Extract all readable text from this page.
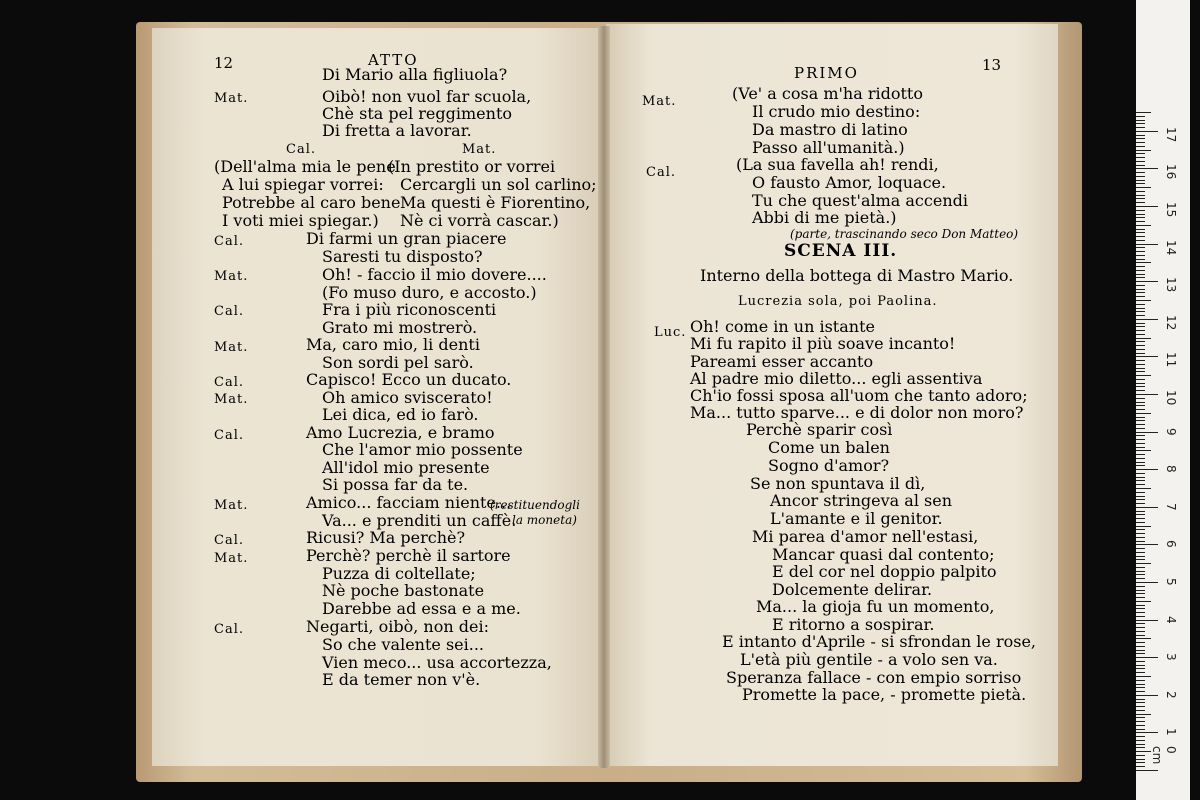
12	ATTO
PRIMO	13
SCENA III.
Di Mario alla figliuola?
Mat.	Oibò! non vuol far scuola,
Chè sta pel reggimento
Di fretta a lavorar.
Cal.	Mat.
(Dell'alma mia le pene
(In prestito or vorrei
A lui spiegar vorrei: Cercargli un sol carlino;
Potrebbe al caro bene Ma questi è Fiorentino,
I voti miei spiegar.) Nè ci vorrà cascar.)
Cal.	Di farmi un gran piacere
Saresti tu disposto?
Mat.	Oh! - faccio il mio dovere....
(Fo muso duro, e accosto.)
Cal.	Fra i più riconoscenti
Grato mi mostrerò.
Mat.	Ma, caro mio, li denti
Son sordi pel sarò.
Cal.	Capisco! Ecco un ducato.
Mat.	Oh amico sviscerato!
Lei dica, ed io farò.
Cal.	Amo Lucrezia, e bramo
Che l'amor mio possente
All'idol mio presente
Si possa far da te.
Mat.	Amico... facciam niente...
(restituendogli
Va... e prenditi un caffè.
la moneta)
Cal.	Ricusi? Ma perchè?
Mat.	Perchè? perchè il sartore
Puzza di coltellate;
Nè poche bastonate
Darebbe ad essa e a me.
Cal.	Negarti, oibò, non dei:
So che valente sei...
Vien meco... usa accortezza,
E da temer non v'è.
Mat.	(Ve' a cosa m'ha ridotto
Il crudo mio destino:
Da mastro di latino
Passo all'umanità.)
Cal.	(La sua favella ah! rendi,
O fausto Amor, loquace.
Tu che quest'alma accendi
Abbi di me pietà.)
(parte, trascinando seco Don Matteo)
Interno della bottega di Mastro Mario.
Lucrezia sola, poi Paolina.
Luc. Oh! come in un istante
Mi fu rapito il più soave incanto!
Pareami esser accanto
Al padre mio diletto... egli assentiva
Ch'io fossi sposa all'uom che tanto adoro;
Ma... tutto sparve... e di dolor non moro?
Perchè sparir così
Come un balen
Sogno d'amor?
Se non spuntava il dì,
Ancor stringeva al sen
L'amante e il genitor.
Mi parea d'amor nell'estasi,
Mancar quasi dal contento;
E del cor nel doppio palpito
Dolcemente delirar.
Ma... la gioja fu un momento,
E ritorno a sospirar.
E intanto d'Aprile - si sfrondan le rose,
L'età più gentile - a volo sen va.
Speranza fallace - con empio sorriso
Promette la pace, - promette pietà.
0 cm
1
2
3
4
5
6
7
8
9
10
11
12
13
14
15
16
17
